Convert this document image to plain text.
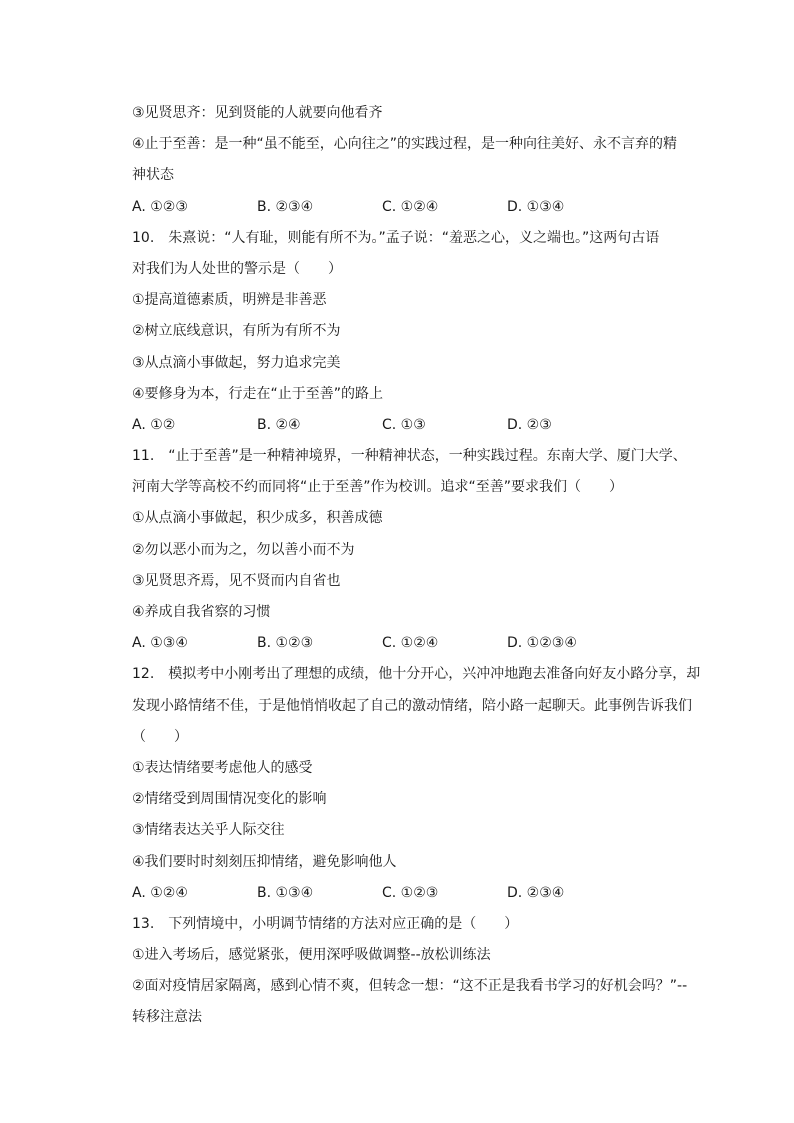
③见贤思齐：见到贤能的人就要向他看齐
④止于至善：是一种“虽不能至，心向往之”的实践过程，是一种向往美好、永不言弃的精
神状态
A. ①②③	B. ②③④	C. ①②④	D. ①③④
10.　朱熹说：“人有耻，则能有所不为。”孟子说：“羞恶之心，义之端也。”这两句古语
对我们为人处世的警示是（　　）
①提高道德素质，明辨是非善恶
②树立底线意识，有所为有所不为
③从点滴小事做起，努力追求完美
④要修身为本，行走在“止于至善”的路上
A. ①②	B. ②④	C. ①③	D. ②③
11.　“止于至善”是一种精神境界，一种精神状态，一种实践过程。东南大学、厦门大学、
河南大学等高校不约而同将“止于至善”作为校训。追求“至善”要求我们（　　）
①从点滴小事做起，积少成多，积善成德
②勿以恶小而为之，勿以善小而不为
③见贤思齐焉，见不贤而内自省也
④养成自我省察的习惯
A. ①③④	B. ①②③	C. ①②④	D. ①②③④
12.　模拟考中小刚考出了理想的成绩，他十分开心，兴冲冲地跑去准备向好友小路分享，却
发现小路情绪不佳，于是他悄悄收起了自己的激动情绪，陪小路一起聊天。此事例告诉我们
（　　）
①表达情绪要考虑他人的感受
②情绪受到周围情况变化的影响
③情绪表达关乎人际交往
④我们要时时刻刻压抑情绪，避免影响他人
A. ①②④	B. ①③④	C. ①②③	D. ②③④
13.　下列情境中，小明调节情绪的方法对应正确的是（　　）
①进入考场后，感觉紧张，便用深呼吸做调整--放松训练法
②面对疫情居家隔离，感到心情不爽，但转念一想：“这不正是我看书学习的好机会吗？”--
转移注意法
